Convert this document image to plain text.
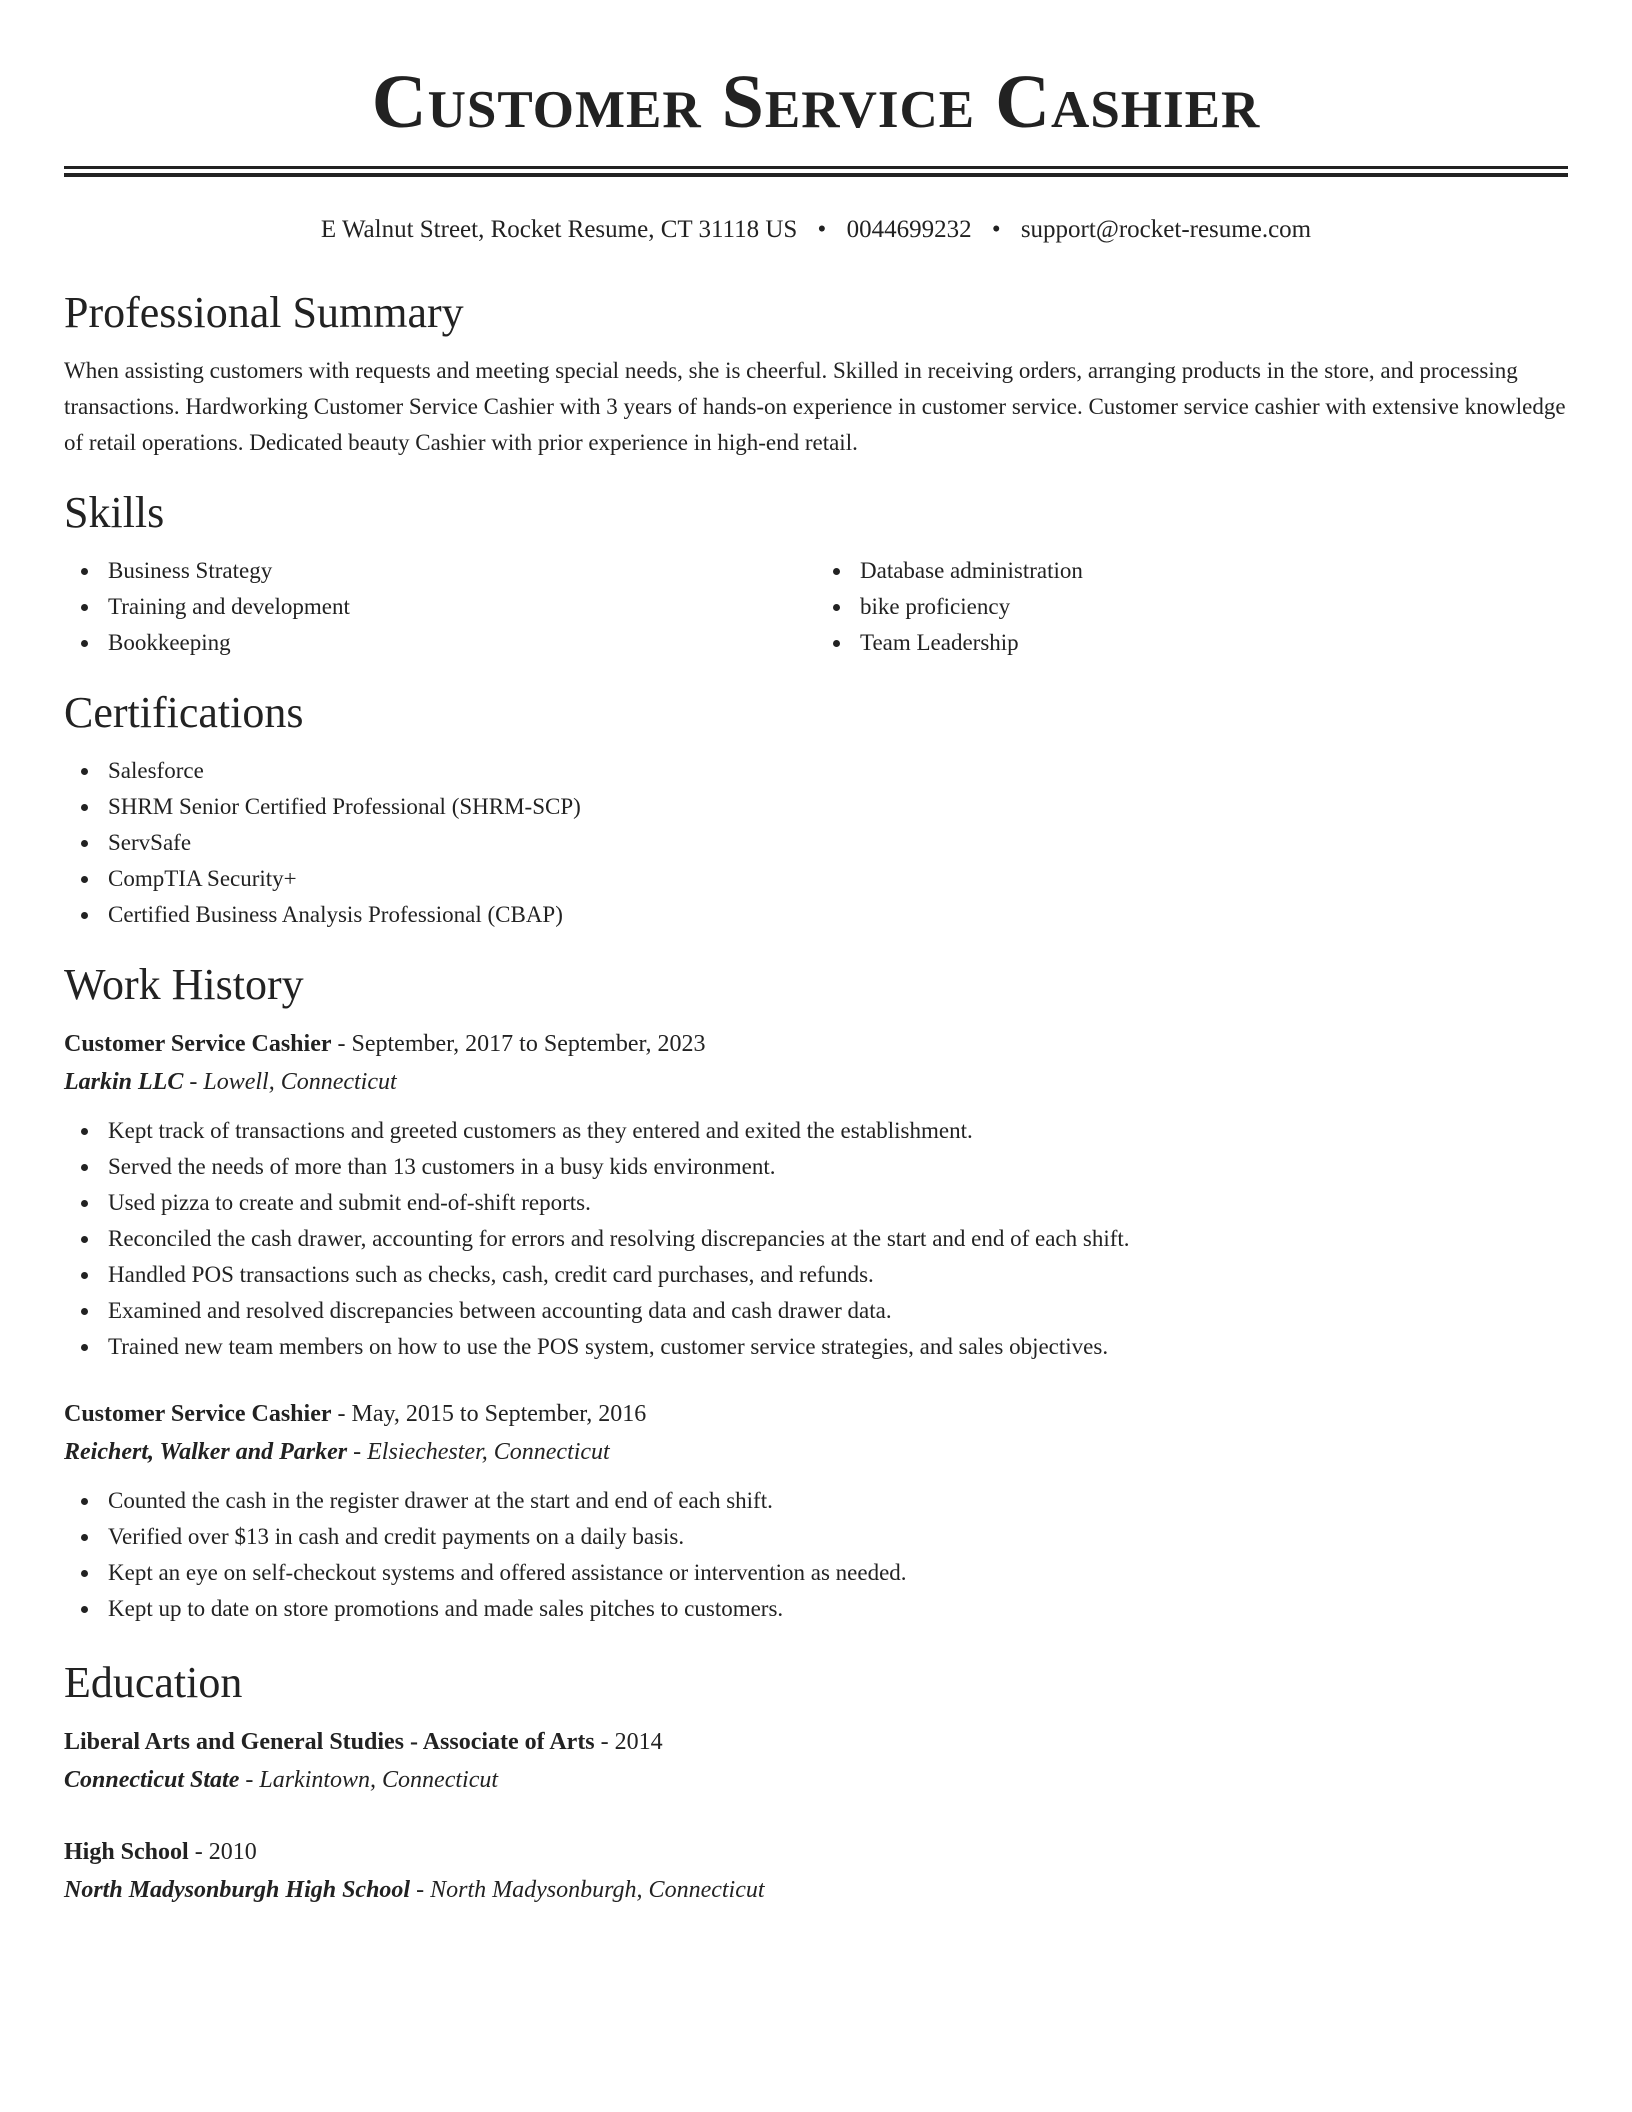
Customer Service Cashier
E Walnut Street, Rocket Resume, CT 31118 US • 0044699232 • support@rocket-resume.com
Professional Summary

When assisting customers with requests and meeting special needs, she is cheerful. Skilled in receiving orders, arranging products in the store, and processing transactions. Hardworking Customer Service Cashier with 3 years of hands-on experience in customer service. Customer service cashier with extensive knowledge of retail operations. Dedicated beauty Cashier with prior experience in high-end retail.

Skills
Business Strategy
Training and development
Bookkeeping
Database administration
bike proficiency
Team Leadership
Certifications
Salesforce
SHRM Senior Certified Professional (SHRM-SCP)
ServSafe
CompTIA Security+
Certified Business Analysis Professional (CBAP)
Work History
Customer Service Cashier - September, 2017 to September, 2023
Larkin LLC - Lowell, Connecticut
Kept track of transactions and greeted customers as they entered and exited the establishment.
Served the needs of more than 13 customers in a busy kids environment.
Used pizza to create and submit end-of-shift reports.
Reconciled the cash drawer, accounting for errors and resolving discrepancies at the start and end of each shift.
Handled POS transactions such as checks, cash, credit card purchases, and refunds.
Examined and resolved discrepancies between accounting data and cash drawer data.
Trained new team members on how to use the POS system, customer service strategies, and sales objectives.
Customer Service Cashier - May, 2015 to September, 2016
Reichert, Walker and Parker - Elsiechester, Connecticut
Counted the cash in the register drawer at the start and end of each shift.
Verified over $13 in cash and credit payments on a daily basis.
Kept an eye on self-checkout systems and offered assistance or intervention as needed.
Kept up to date on store promotions and made sales pitches to customers.
Education
Liberal Arts and General Studies - Associate of Arts - 2014
Connecticut State - Larkintown, Connecticut
High School - 2010
North Madysonburgh High School - North Madysonburgh, Connecticut
